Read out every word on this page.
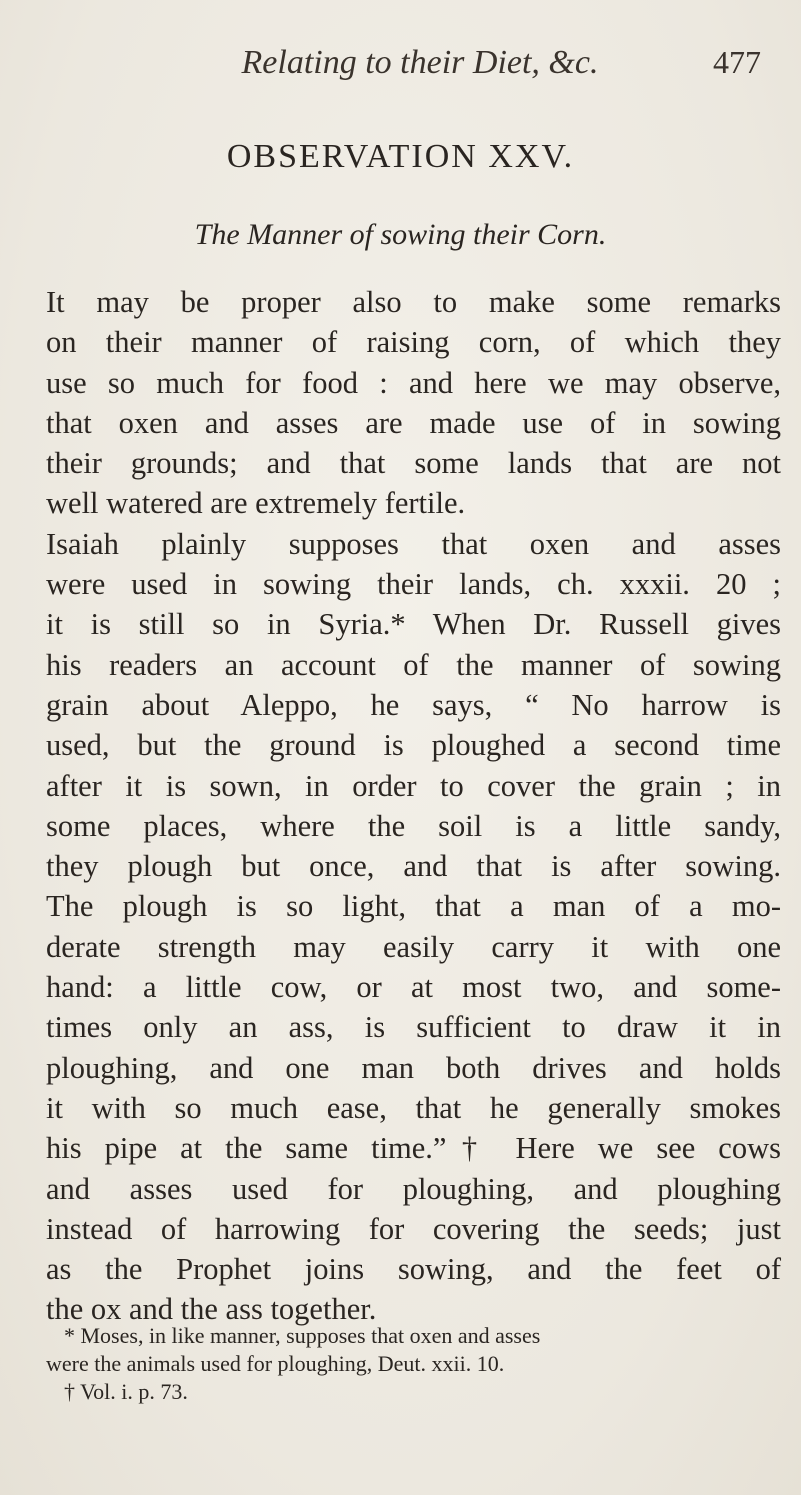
Relating to their Diet, &c.	477
OBSERVATION XXV.
The Manner of sowing their Corn.
It may be proper also to make some remarks
on their manner of raising corn, of which they
use so much for food : and here we may observe,
that oxen and asses are made use of in sowing
their grounds; and that some lands that are not
well watered are extremely fertile.
Isaiah plainly supposes that oxen and asses
were used in sowing their lands, ch. xxxii. 20 ;
it is still so in Syria.* When Dr. Russell gives
his readers an account of the manner of sowing
grain about Aleppo, he says, “ No harrow is
used, but the ground is ploughed a second time
after it is sown, in order to cover the grain ; in
some places, where the soil is a little sandy,
they plough but once, and that is after sowing.
The plough is so light, that a man of a mo-
derate strength may easily carry it with one
hand: a little cow, or at most two, and some-
times only an ass, is sufficient to draw it in
ploughing, and one man both drives and holds
it with so much ease, that he generally smokes
his pipe at the same time.”† Here we see cows
and asses used for ploughing, and ploughing
instead of harrowing for covering the seeds; just
as the Prophet joins sowing, and the feet of
the ox and the ass together.
* Moses, in like manner, supposes that oxen and asses
were the animals used for ploughing, Deut. xxii. 10.
† Vol. i. p. 73.
